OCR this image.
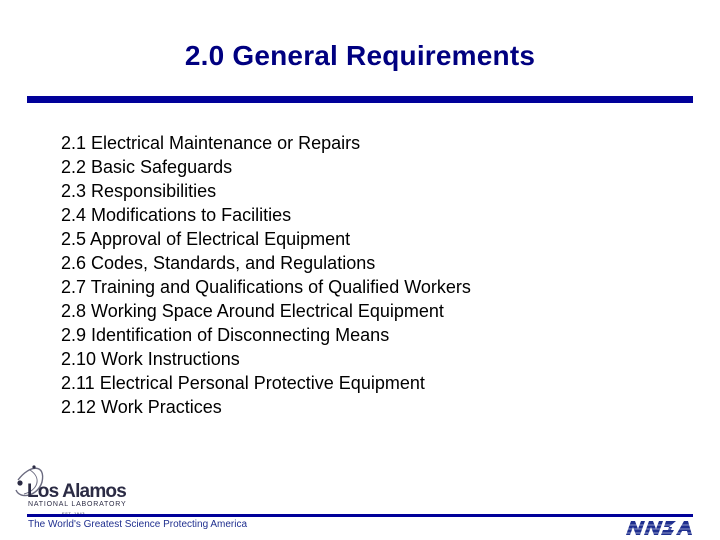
2.0 General Requirements
2.1 Electrical Maintenance or Repairs
2.2 Basic Safeguards
2.3 Responsibilities
2.4 Modifications to Facilities
2.5 Approval of Electrical Equipment
2.6 Codes, Standards, and Regulations
2.7 Training and Qualifications of Qualified Workers
2.8 Working Space Around Electrical Equipment
2.9 Identification of Disconnecting Means
2.10 Work Instructions
2.11 Electrical Personal Protective Equipment
2.12 Work Practices
Los Alamos
NATIONAL LABORATORY
The World's Greatest Science Protecting America
